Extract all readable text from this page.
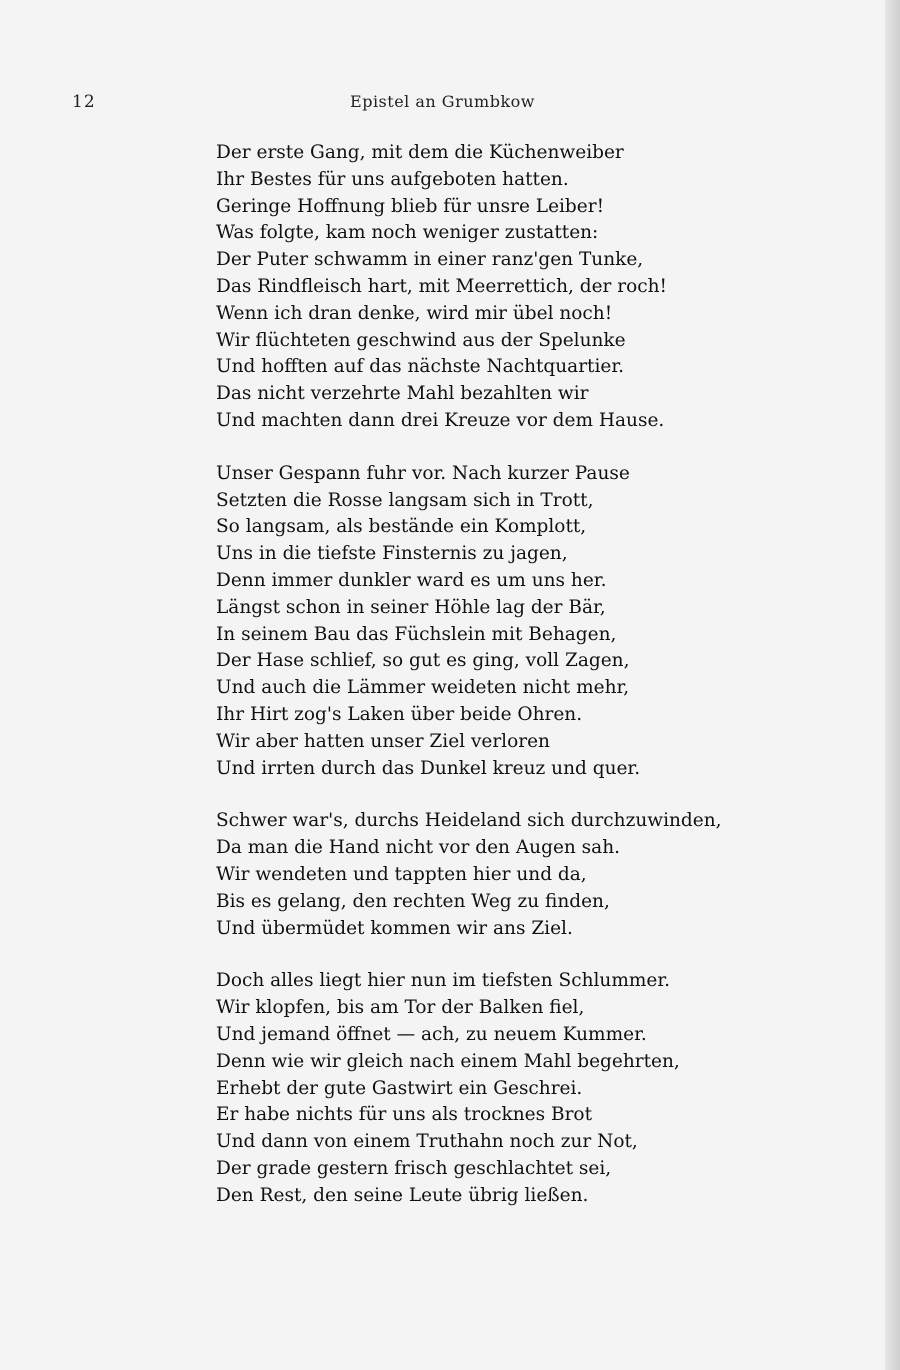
12	Epistel an Grumbkow
Der erste Gang, mit dem die Küchenweiber
Ihr Bestes für uns aufgeboten hatten.
Geringe Hoffnung blieb für unsre Leiber!
Was folgte, kam noch weniger zustatten:
Der Puter schwamm in einer ranz'gen Tunke,
Das Rindfleisch hart, mit Meerrettich, der roch!
Wenn ich dran denke, wird mir übel noch!
Wir flüchteten geschwind aus der Spelunke
Und hofften auf das nächste Nachtquartier.
Das nicht verzehrte Mahl bezahlten wir
Und machten dann drei Kreuze vor dem Hause.
Unser Gespann fuhr vor. Nach kurzer Pause
Setzten die Rosse langsam sich in Trott,
So langsam, als bestände ein Komplott,
Uns in die tiefste Finsternis zu jagen,
Denn immer dunkler ward es um uns her.
Längst schon in seiner Höhle lag der Bär,
In seinem Bau das Füchslein mit Behagen,
Der Hase schlief, so gut es ging, voll Zagen,
Und auch die Lämmer weideten nicht mehr,
Ihr Hirt zog's Laken über beide Ohren.
Wir aber hatten unser Ziel verloren
Und irrten durch das Dunkel kreuz und quer.
Schwer war's, durchs Heideland sich durchzuwinden,
Da man die Hand nicht vor den Augen sah.
Wir wendeten und tappten hier und da,
Bis es gelang, den rechten Weg zu finden,
Und übermüdet kommen wir ans Ziel.
Doch alles liegt hier nun im tiefsten Schlummer.
Wir klopfen, bis am Tor der Balken fiel,
Und jemand öffnet — ach, zu neuem Kummer.
Denn wie wir gleich nach einem Mahl begehrten,
Erhebt der gute Gastwirt ein Geschrei.
Er habe nichts für uns als trocknes Brot
Und dann von einem Truthahn noch zur Not,
Der grade gestern frisch geschlachtet sei,
Den Rest, den seine Leute übrig ließen.
